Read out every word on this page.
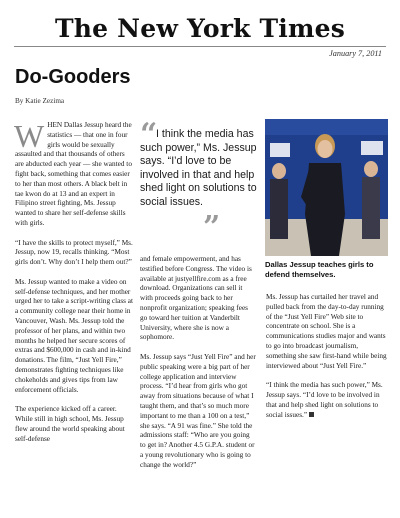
The New York Times
January 7, 2011
Do-Gooders
By Katie Zezima

WHEN Dallas Jessup heard the statistics — that one in four girls would be sexually assaulted and that thousands of others are abducted each year — she wanted to fight back, something that comes easier to her than most others. A black belt in tae kwon do at 13 and an expert in Filipino street fighting, Ms. Jessup wanted to share her self-defense skills with girls.

“I have the skills to protect myself,” Ms. Jessup, now 19, recalls thinking. “Most girls don’t. Why don’t I help them out?”

Ms. Jessup wanted to make a video on self-defense techniques, and her mother urged her to take a script-writing class at a community college near their home in Vancouver, Wash. Ms. Jessup told the professor of her plans, and within two months he helped her secure scores of extras and $600,000 in cash and in-kind donations. The film, “Just Yell Fire,” demonstrates fighting techniques like chokeholds and gives tips from law enforcement officials.

The experience kicked off a career. While still in high school, Ms. Jessup flew around the world speaking about self-defense

“

I think the media has such power,” Ms. Jessup says. “I’d love to be involved in that and help shed light on solutions to social issues.

”
Dallas Jessup teaches girls to defend themselves.

and female empowerment, and has testified before Congress. The video is available at justyellfire.com as a free download. Organizations can sell it with proceeds going back to her nonprofit organization; speaking fees go toward her tuition at Vanderbilt University, where she is now a sophomore.

Ms. Jessup says “Just Yell Fire” and her public speaking were a big part of her college application and interview process. “I’d hear from girls who got away from situations because of what I taught them, and that’s so much more important to me than a 100 on a test,” she says. “A 91 was fine.” She told the admissions staff: “Who are you going to get in? Another 4.5 G.P.A. student or a young revolutionary who is going to change the world?”

Ms. Jessup has curtailed her travel and pulled back from the day-to-day running of the “Just Yell Fire” Web site to concentrate on school. She is a communications studies major and wants to go into broadcast journalism, something she saw first-hand while being interviewed about “Just Yell Fire.”

“I think the media has such power,” Ms. Jessup says. “I’d love to be involved in that and help shed light on solutions to social issues.”
